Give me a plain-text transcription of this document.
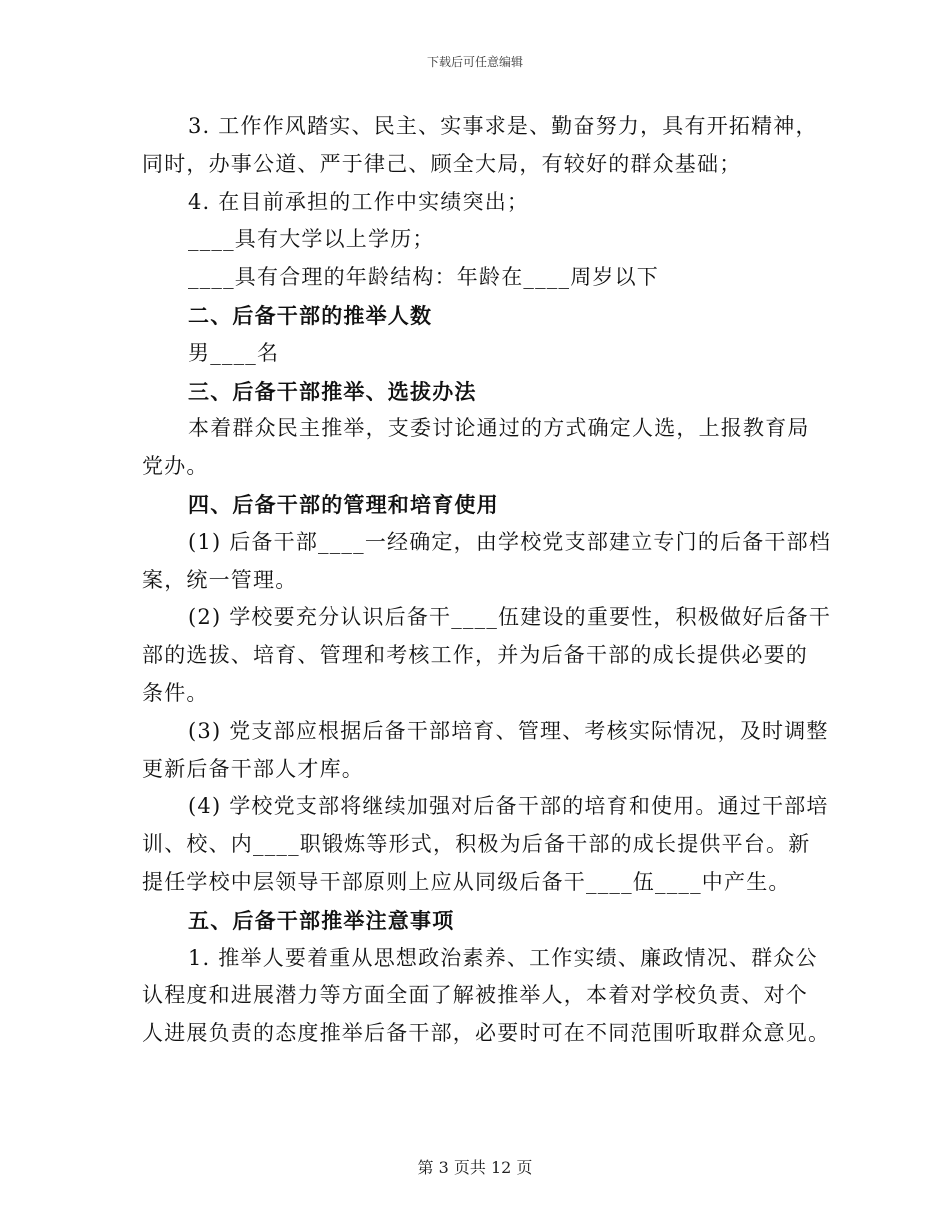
下载后可任意编辑
3. 工作作风踏实、民主、实事求是、勤奋努力，具有开拓精神，
同时，办事公道、严于律己、顾全大局，有较好的群众基础；
4. 在目前承担的工作中实绩突出；
____具有大学以上学历；
____具有合理的年龄结构：年龄在____周岁以下
二、后备干部的推举人数
男____名
三、后备干部推举、选拔办法
本着群众民主推举，支委讨论通过的方式确定人选，上报教育局
党办。
四、后备干部的管理和培育使用
(1) 后备干部____一经确定，由学校党支部建立专门的后备干部档
案，统一管理。
(2) 学校要充分认识后备干____伍建设的重要性，积极做好后备干
部的选拔、培育、管理和考核工作，并为后备干部的成长提供必要的
条件。
(3) 党支部应根据后备干部培育、管理、考核实际情况，及时调整
更新后备干部人才库。
(4) 学校党支部将继续加强对后备干部的培育和使用。通过干部培
训、校、内____职锻炼等形式，积极为后备干部的成长提供平台。新
提任学校中层领导干部原则上应从同级后备干____伍____中产生。
五、后备干部推举注意事项
1. 推举人要着重从思想政治素养、工作实绩、廉政情况、群众公
认程度和进展潜力等方面全面了解被推举人，本着对学校负责、对个
人进展负责的态度推举后备干部，必要时可在不同范围听取群众意见。
第 3 页共 12 页
